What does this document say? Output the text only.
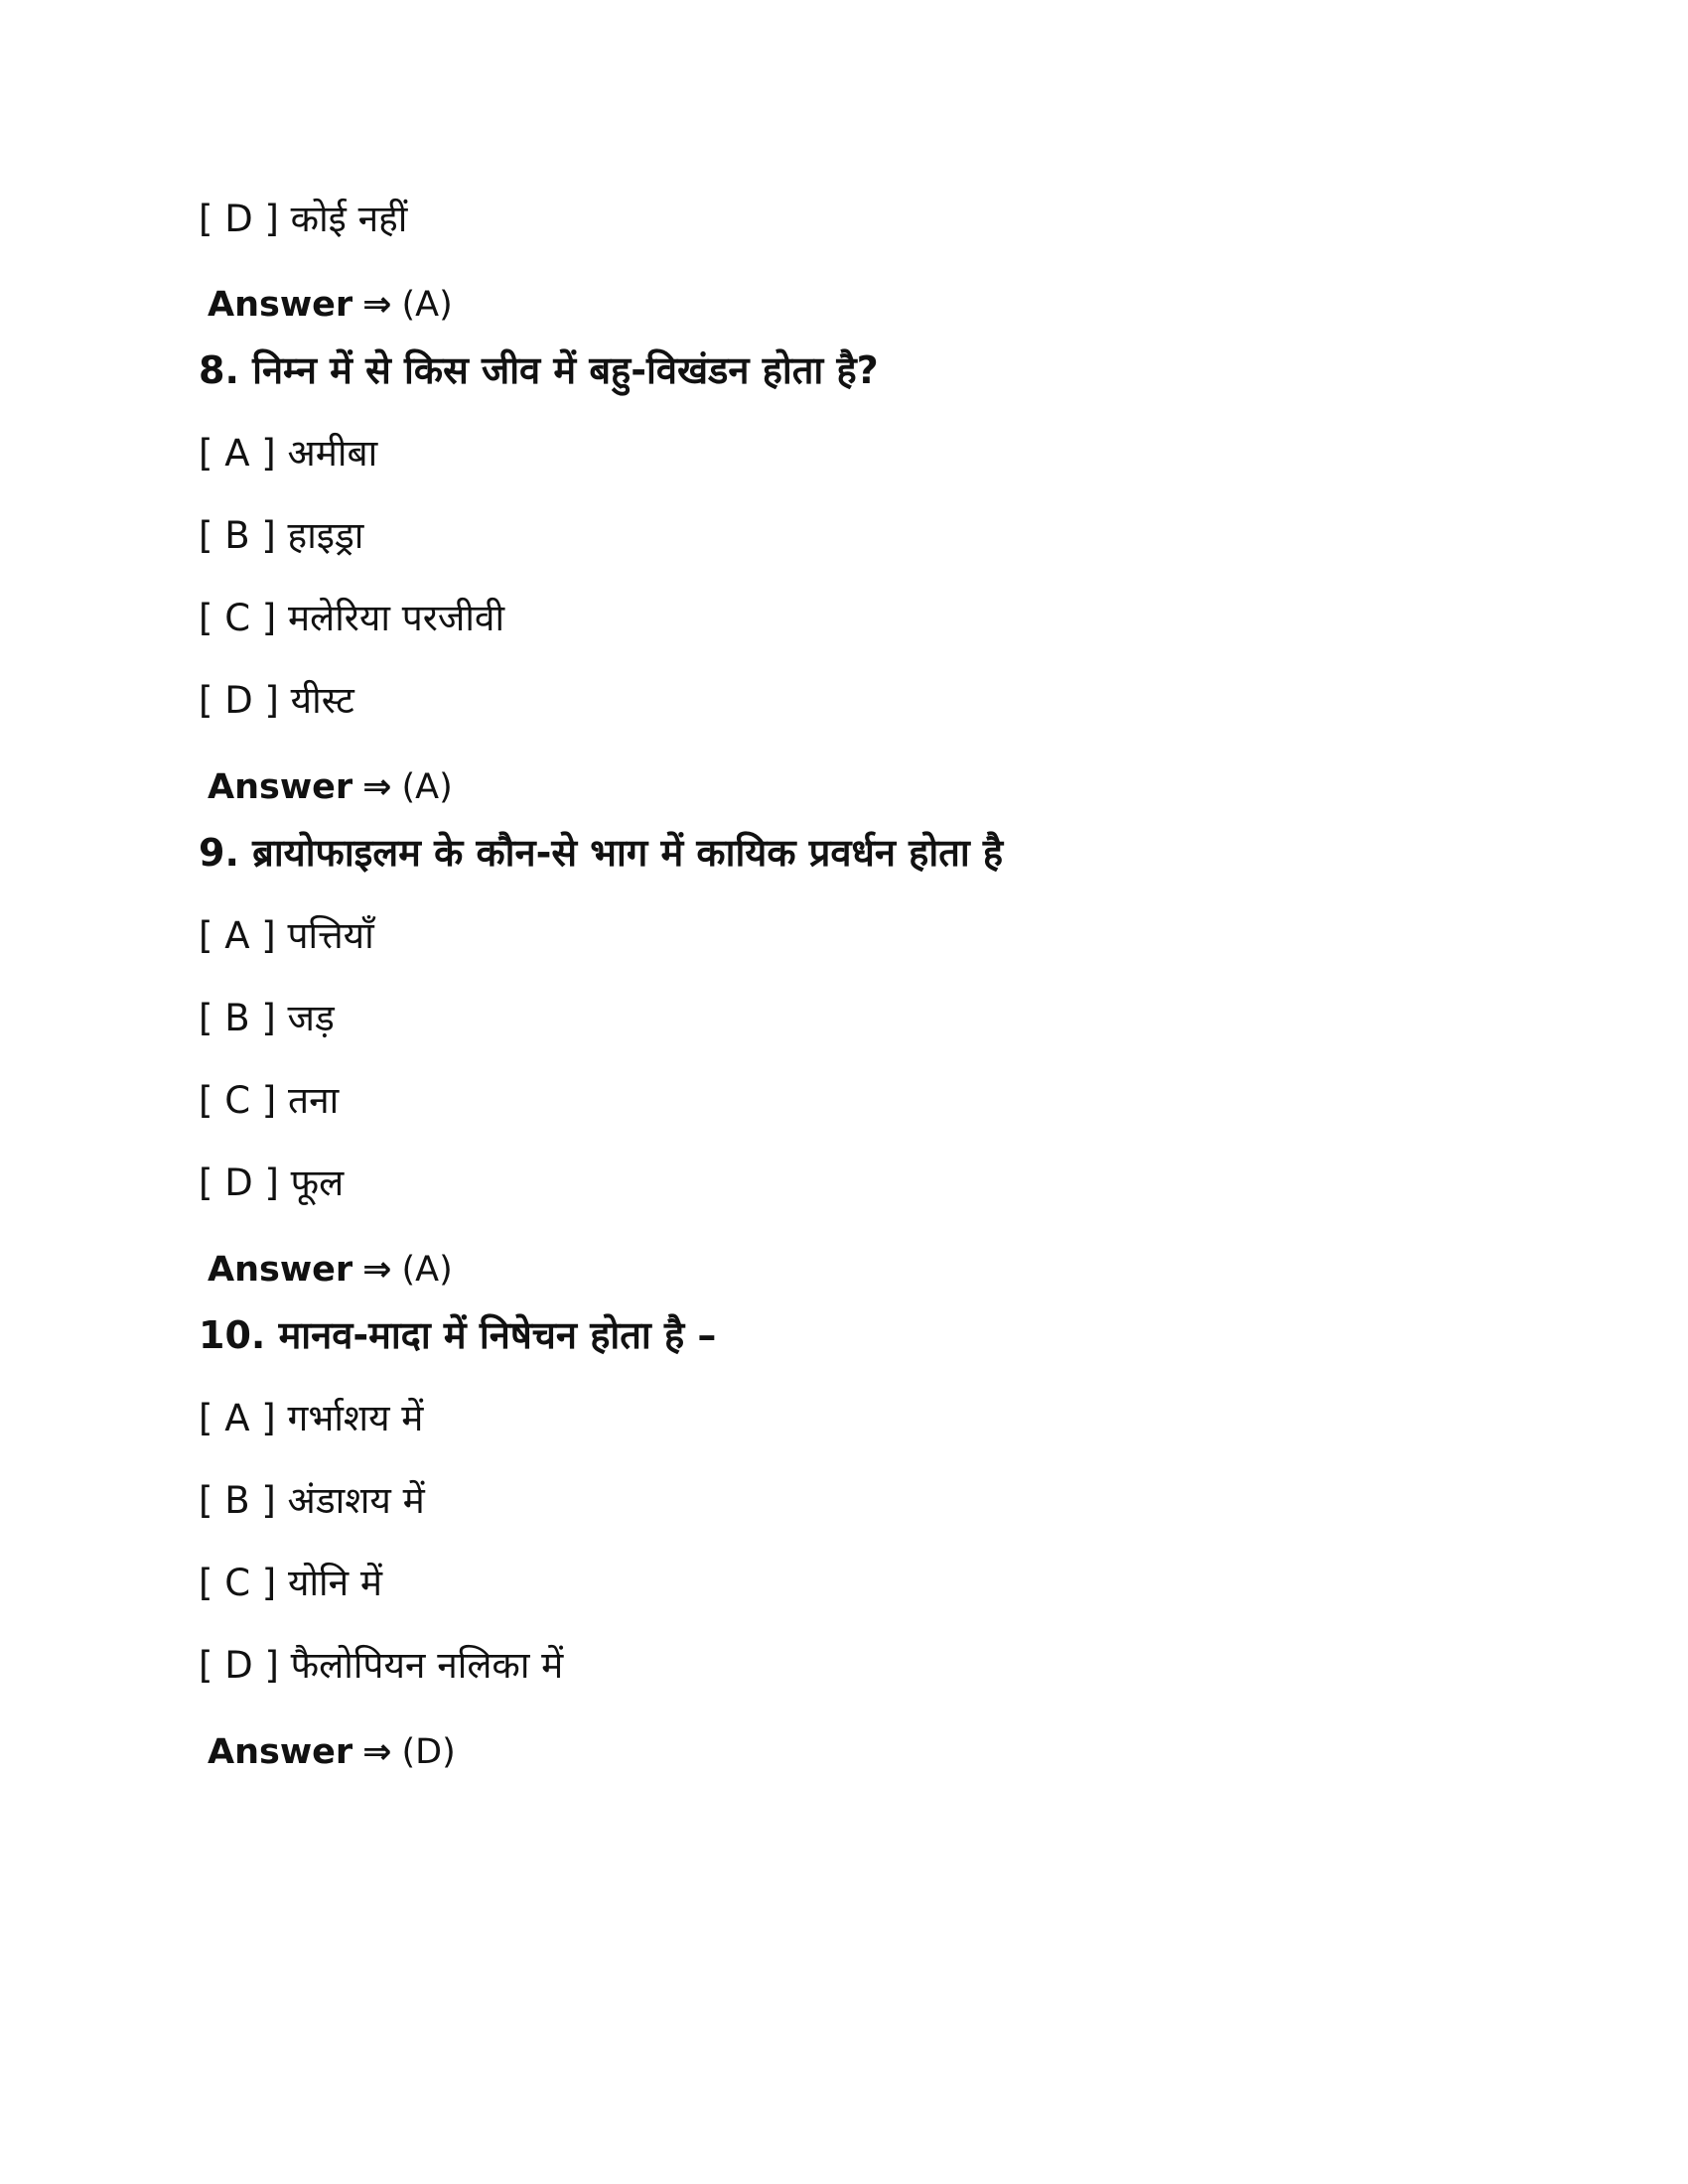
[ D ] कोई नहीं
Answer ⇒ (A)
8. निम्न में से किस जीव में बहु-विखंडन होता है?
[ A ] अमीबा
[ B ] हाइड्रा
[ C ] मलेरिया परजीवी
[ D ] यीस्ट
Answer ⇒ (A)
9. ब्रायोफाइलम के कौन-से भाग में कायिक प्रवर्धन होता है
[ A ] पत्तियाँ
[ B ] जड़
[ C ] तना
[ D ] फूल
Answer ⇒ (A)
10. मानव-मादा में निषेचन होता है –
[ A ] गर्भाशय में
[ B ] अंडाशय में
[ C ] योनि में
[ D ] फैलोपियन नलिका में
Answer ⇒ (D)
